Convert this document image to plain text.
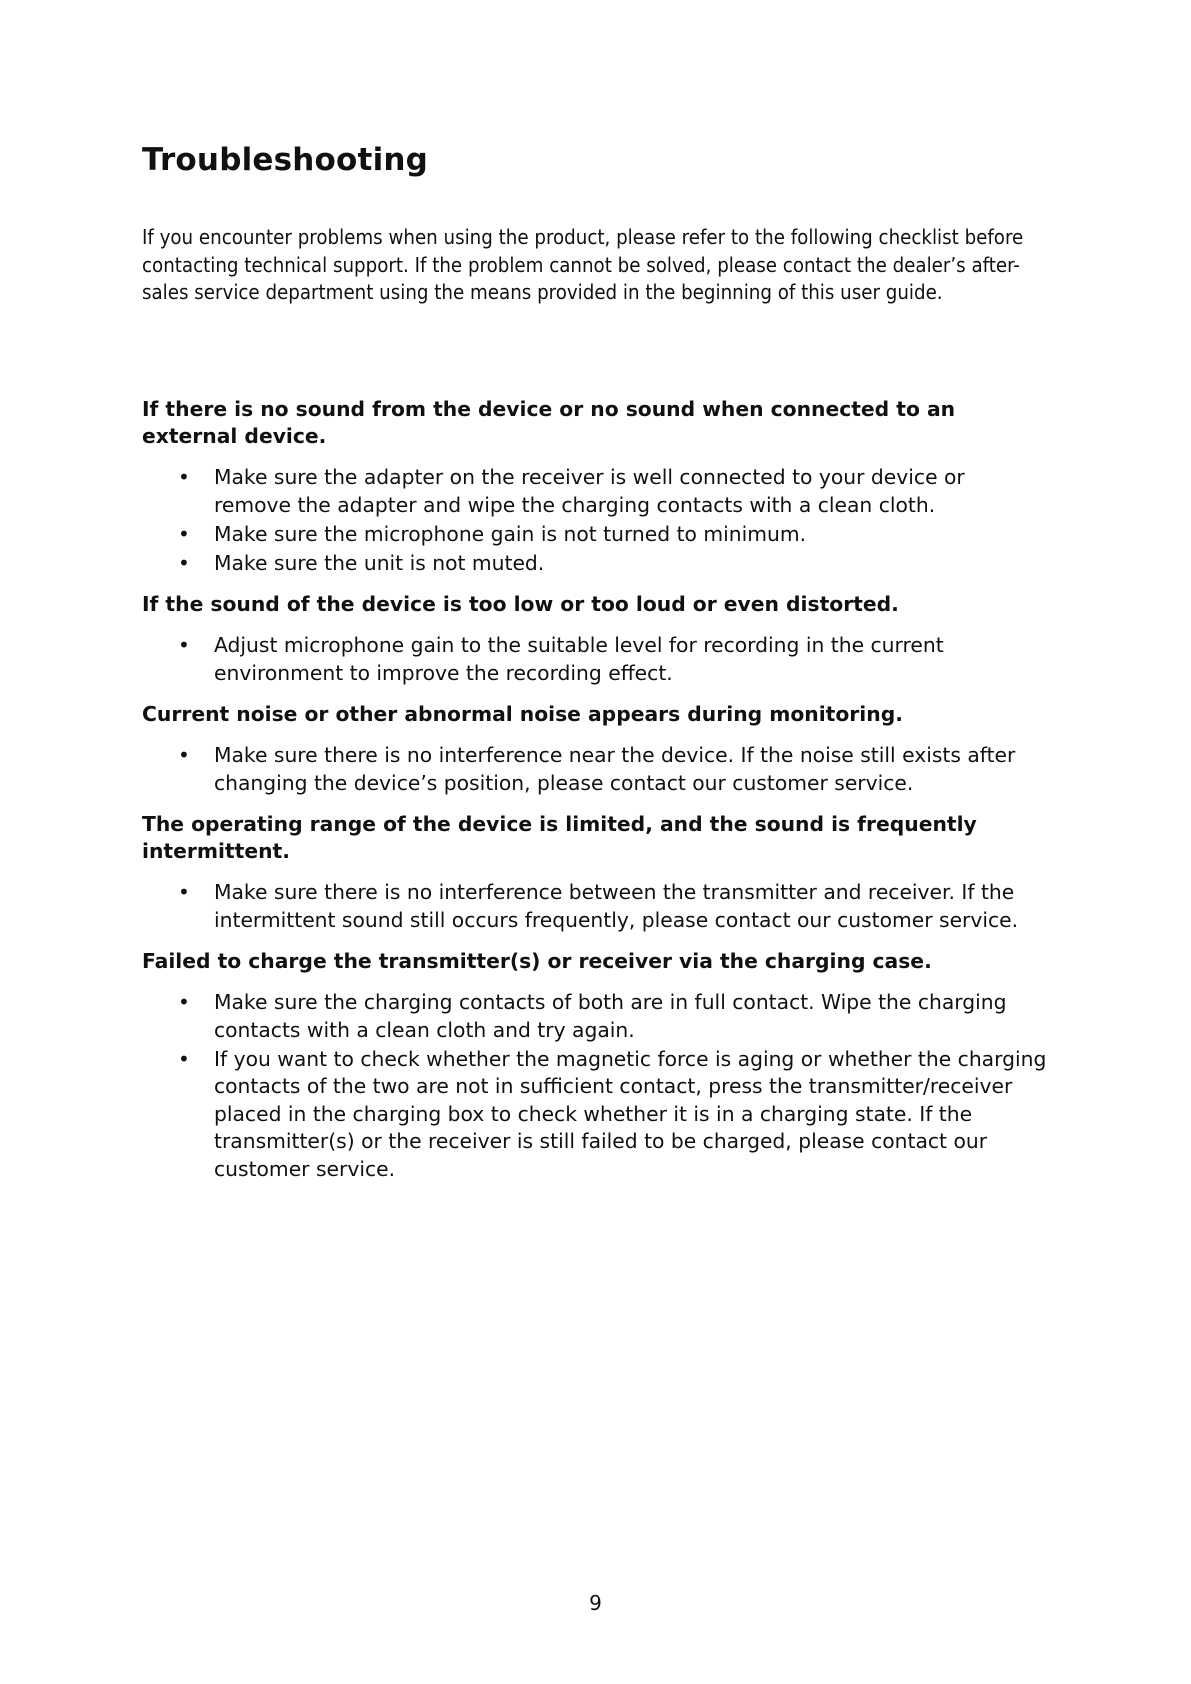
Troubleshooting

If you encounter problems when using the product, please refer to the following checklist before contacting technical support. If the problem cannot be solved, please contact the dealer’s after-sales service department using the means provided in the beginning of this user guide.

If there is no sound from the device or no sound when connected to an external device.

•	Make sure the adapter on the receiver is well connected to your device or remove the adapter and wipe the charging contacts with a clean cloth.
•	Make sure the microphone gain is not turned to minimum.
•	Make sure the unit is not muted.

If the sound of the device is too low or too loud or even distorted.

•	Adjust microphone gain to the suitable level for recording in the current environment to improve the recording effect.

Current noise or other abnormal noise appears during monitoring.

•	Make sure there is no interference near the device. If the noise still exists after changing the device’s position, please contact our customer service.

The operating range of the device is limited, and the sound is frequently intermittent.

•	Make sure there is no interference between the transmitter and receiver. If the intermittent sound still occurs frequently, please contact our customer service.

Failed to charge the transmitter(s) or receiver via the charging case.

•	Make sure the charging contacts of both are in full contact. Wipe the charging contacts with a clean cloth and try again.
•	If you want to check whether the magnetic force is aging or whether the charging contacts of the two are not in sufficient contact, press the transmitter/receiver placed in the charging box to check whether it is in a charging state. If the transmitter(s) or the receiver is still failed to be charged, please contact our customer service.
9
